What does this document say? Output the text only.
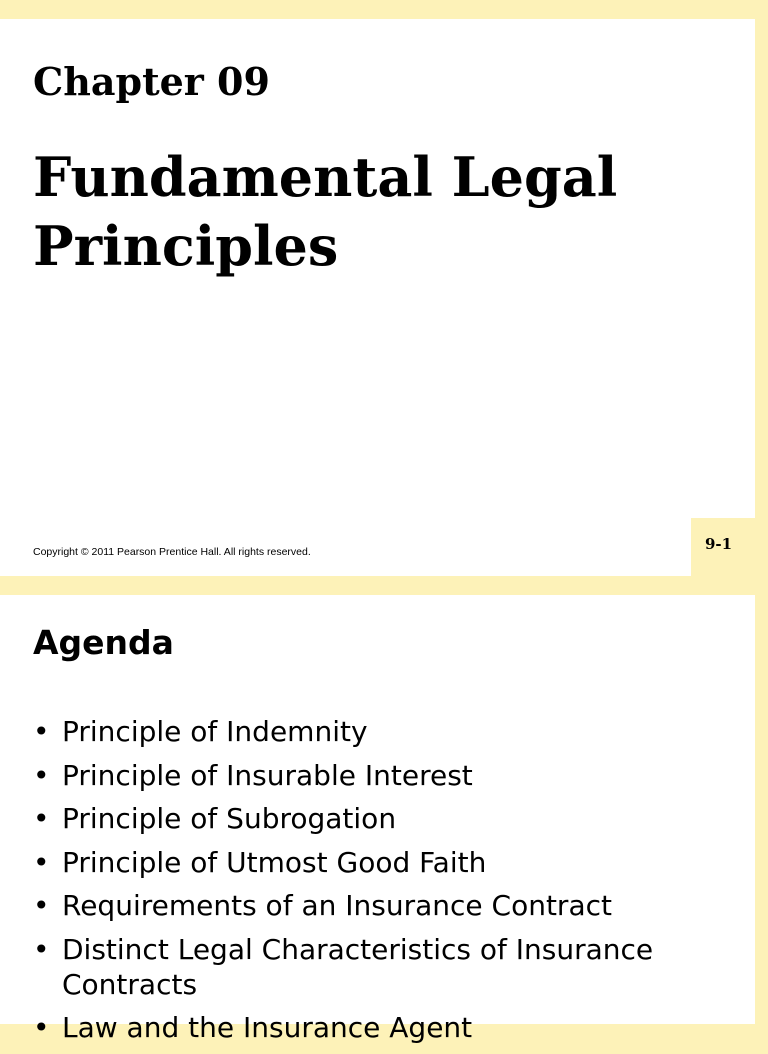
Chapter 09
Fundamental Legal
Principles

Copyright © 2011 Pearson Prentice Hall. All rights reserved.	9-1

Agenda
• Principle of Indemnity
• Principle of Insurable Interest
• Principle of Subrogation
• Principle of Utmost Good Faith
• Requirements of an Insurance Contract
• Distinct Legal Characteristics of Insurance Contracts
• Law and the Insurance Agent
